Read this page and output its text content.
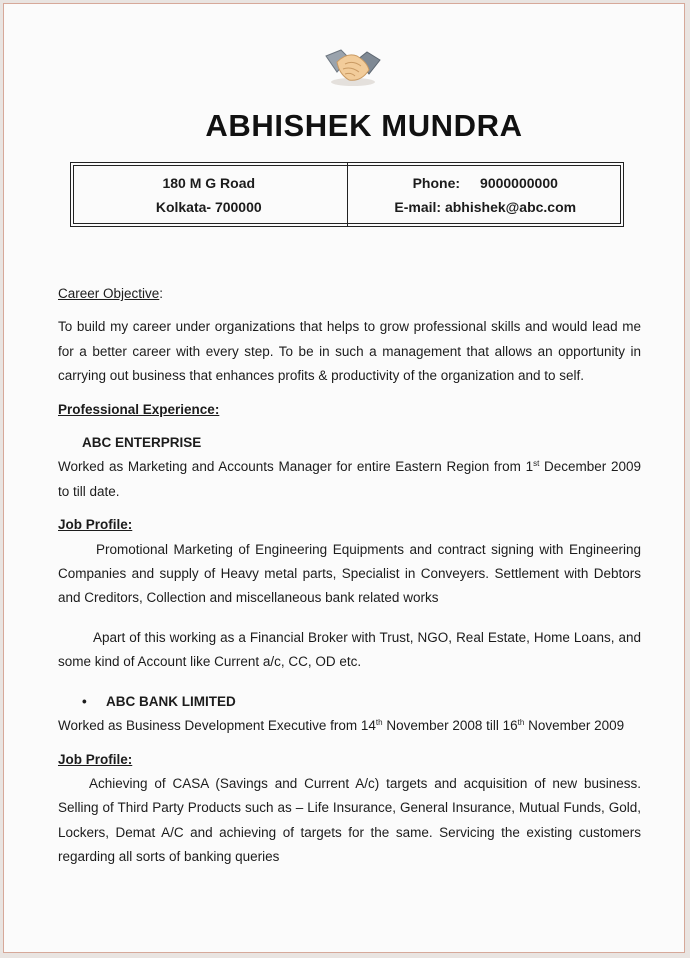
ABHISHEK MUNDRA
180 M G Road
Kolkata- 700000
Phone: 9000000000
E-mail: abhishek@abc.com
Career Objective:

To build my career under organizations that helps to grow professional skills and would lead me for a better career with every step. To be in such a management that allows an opportunity in carrying out business that enhances profits & productivity of the organization and to self.

Professional Experience:
ABC ENTERPRISE

Worked as Marketing and Accounts Manager for entire Eastern Region from 1st December 2009 to till date.

Job Profile:

Promotional Marketing of Engineering Equipments and contract signing with Engineering Companies and supply of Heavy metal parts, Specialist in Conveyers. Settlement with Debtors and Creditors, Collection and miscellaneous bank related works

Apart of this working as a Financial Broker with Trust, NGO, Real Estate, Home Loans, and some kind of Account like Current a/c, CC, OD etc.

•	ABC BANK LIMITED

Worked as Business Development Executive from 14th November 2008 till 16th November 2009

Job Profile:

Achieving of CASA (Savings and Current A/c) targets and acquisition of new business. Selling of Third Party Products such as – Life Insurance, General Insurance, Mutual Funds, Gold, Lockers, Demat A/C and achieving of targets for the same. Servicing the existing customers regarding all sorts of banking queries
